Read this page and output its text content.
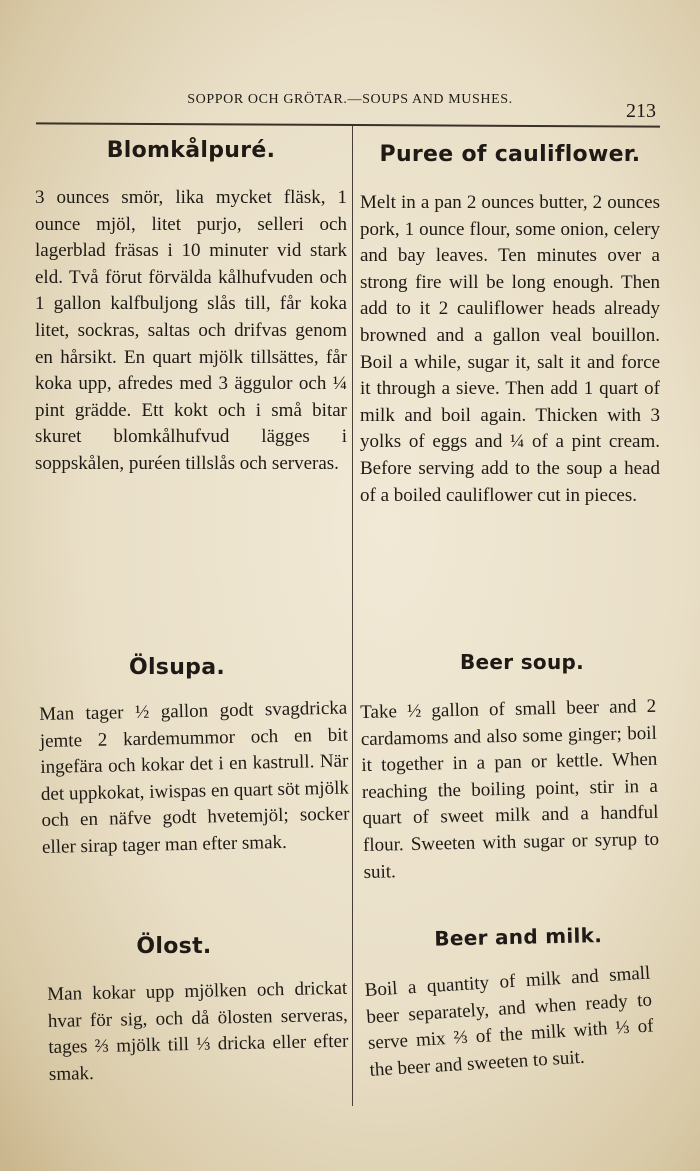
SOPPOR OCH GRÖTAR.—SOUPS AND MUSHES.
213
Blomkålpuré.
3 ounces smör, lika mycket fläsk, 1 ounce mjöl, litet purjo, selleri och lagerblad fräsas i 10 minuter vid stark eld. Två förut förvälda kålhufvuden och 1 gallon kalfbuljong slås till, får koka litet, sockras, saltas och drifvas genom en hårsikt. En quart mjölk tillsättes, får koka upp, afredes med 3 äggulor och ¼ pint grädde. Ett kokt och i små bitar skuret blomkålhufvud lägges i soppskålen, puréen tillslås och serveras.
Ölsupa.
Man tager ½ gallon godt svagdricka jemte 2 kardemummor och en bit ingefära och kokar det i en kastrull. När det uppkokat, iwispas en quart söt mjölk och en näfve godt hvetemjöl; socker eller sirap tager man efter smak.
Ölost.
Man kokar upp mjölken och drickat hvar för sig, och då ölosten serveras, tages ⅔ mjölk till ⅓ dricka eller efter smak.
Puree of cauliflower.
Melt in a pan 2 ounces butter, 2 ounces pork, 1 ounce flour, some onion, celery and bay leaves. Ten minutes over a strong fire will be long enough. Then add to it 2 cauliflower heads already browned and a gallon veal bouillon. Boil a while, sugar it, salt it and force it through a sieve. Then add 1 quart of milk and boil again. Thicken with 3 yolks of eggs and ¼ of a pint cream. Before serving add to the soup a head of a boiled cauliflower cut in pieces.
Beer soup.
Take ½ gallon of small beer and 2 cardamoms and also some ginger; boil it together in a pan or kettle. When reaching the boiling point, stir in a quart of sweet milk and a handful flour. Sweeten with sugar or syrup to suit.
Beer and milk.
Boil a quantity of milk and small beer separately, and when ready to serve mix ⅔ of the milk with ⅓ of the beer and sweeten to suit.
